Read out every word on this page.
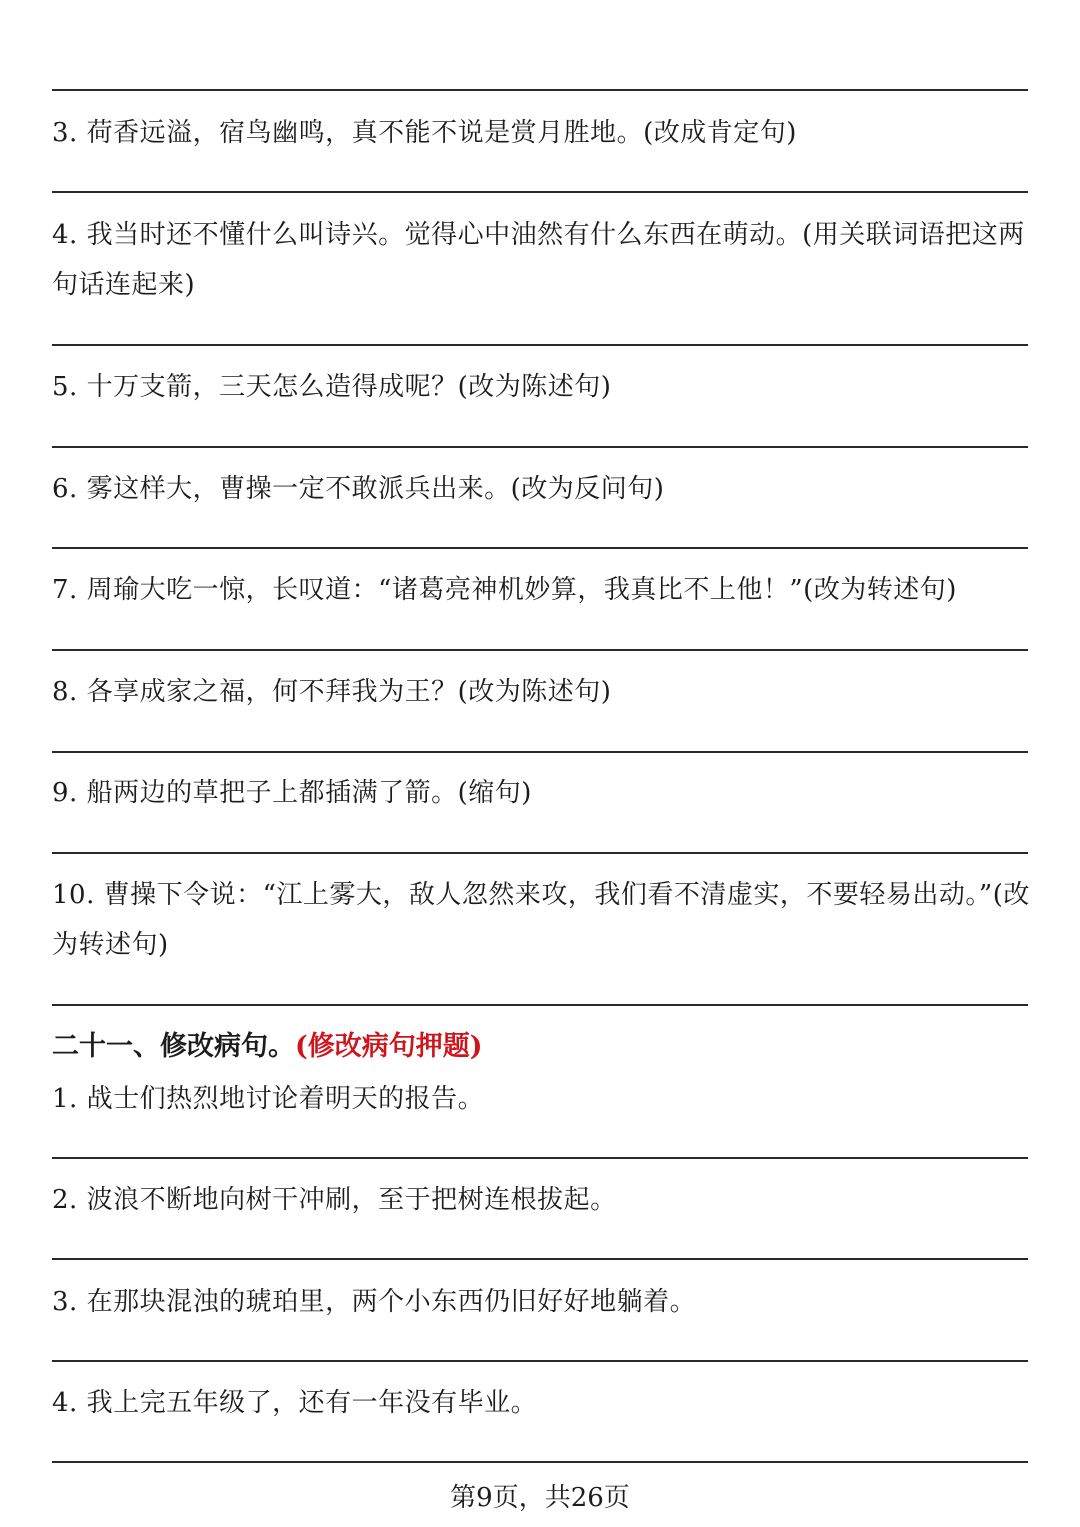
3. 荷香远溢，宿鸟幽鸣，真不能不说是赏月胜地。(改成肯定句)
4. 我当时还不懂什么叫诗兴。觉得心中油然有什么东西在萌动。(用关联词语把这两句话连起来)
5. 十万支箭，三天怎么造得成呢？(改为陈述句)
6. 雾这样大，曹操一定不敢派兵出来。(改为反问句)
7. 周瑜大吃一惊，长叹道：“诸葛亮神机妙算，我真比不上他！”(改为转述句)
8. 各享成家之福，何不拜我为王？(改为陈述句)
9. 船两边的草把子上都插满了箭。(缩句)
10. 曹操下令说：“江上雾大，敌人忽然来攻，我们看不清虚实，不要轻易出动。”(改为转述句)
二十一、修改病句。(修改病句押题)
1. 战士们热烈地讨论着明天的报告。
2. 波浪不断地向树干冲刷，至于把树连根拔起。
3. 在那块混浊的琥珀里，两个小东西仍旧好好地躺着。
4. 我上完五年级了，还有一年没有毕业。
第9页，共26页
